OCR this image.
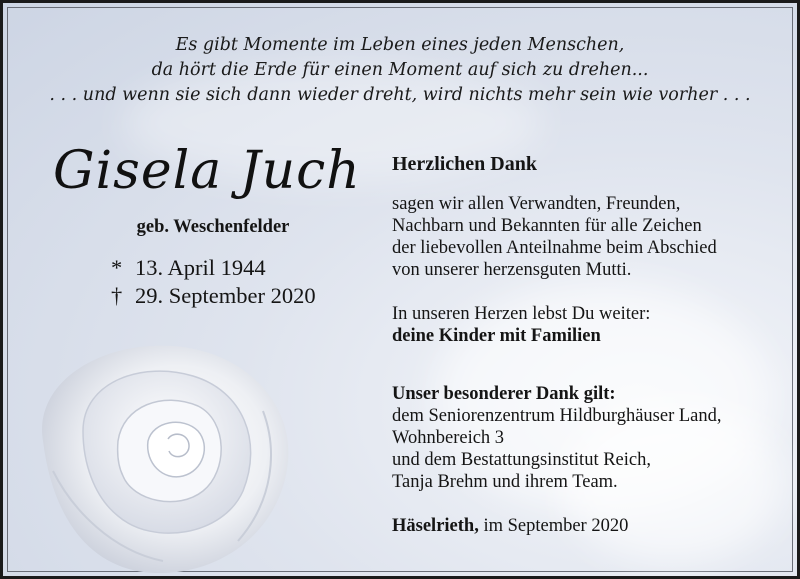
Es gibt Momente im Leben eines jeden Menschen,
da hört die Erde für einen Moment auf sich zu drehen...
. . . und wenn sie sich dann wieder dreht, wird nichts mehr sein wie vorher . . .
Gisela Juch
geb. Weschenfelder
* 13. April 1944
† 29. September 2020
Herzlichen Dank
sagen wir allen Verwandten, Freunden,
Nachbarn und Bekannten für alle Zeichen
der liebevollen Anteilnahme beim Abschied
von unserer herzensguten Mutti.
In unseren Herzen lebst Du weiter:
deine Kinder mit Familien
Unser besonderer Dank gilt:
dem Seniorenzentrum Hildburghäuser Land,
Wohnbereich 3
und dem Bestattungsinstitut Reich,
Tanja Brehm und ihrem Team.
Häselrieth, im September 2020
